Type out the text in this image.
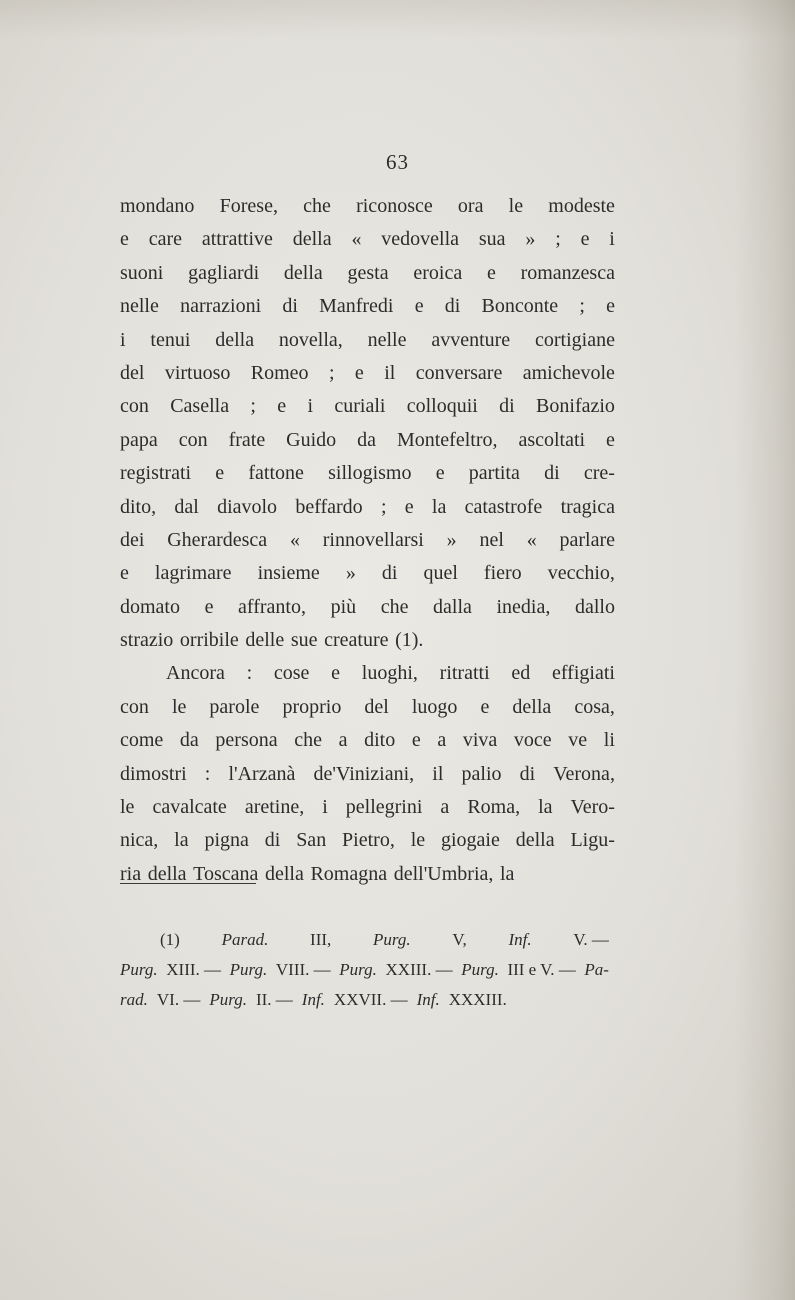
63
mondano Forese, che riconosce ora le modeste
e care attrattive della « vedovella sua » ; e i
suoni gagliardi della gesta eroica e romanzesca
nelle narrazioni di Manfredi e di Bonconte ; e
i tenui della novella, nelle avventure cortigiane
del virtuoso Romeo ; e il conversare amichevole
con Casella ; e i curiali colloquii di Bonifazio
papa con frate Guido da Montefeltro, ascoltati e
registrati e fattone sillogismo e partita di cre-
dito, dal diavolo beffardo ; e la catastrofe tragica
dei Gherardesca « rinnovellarsi » nel « parlare
e lagrimare insieme » di quel fiero vecchio,
domato e affranto, più che dalla inedia, dallo
strazio orribile delle sue creature (1).
Ancora : cose e luoghi, ritratti ed effigiati
con le parole proprio del luogo e della cosa,
come da persona che a dito e a viva voce ve li
dimostri : l'Arzanà de'Viniziani, il palio di Verona,
le cavalcate aretine, i pellegrini a Roma, la Vero-
nica, la pigna di San Pietro, le giogaie della Ligu-
ria della Toscana della Romagna dell'Umbria, la
(1) Parad. III, Purg. V, Inf. V. —
Purg. XIII. — Purg. VIII. — Purg. XXIII. — Purg. III e V. — Pa-
rad. VI. — Purg. II. — Inf. XXVII. — Inf. XXXIII.
